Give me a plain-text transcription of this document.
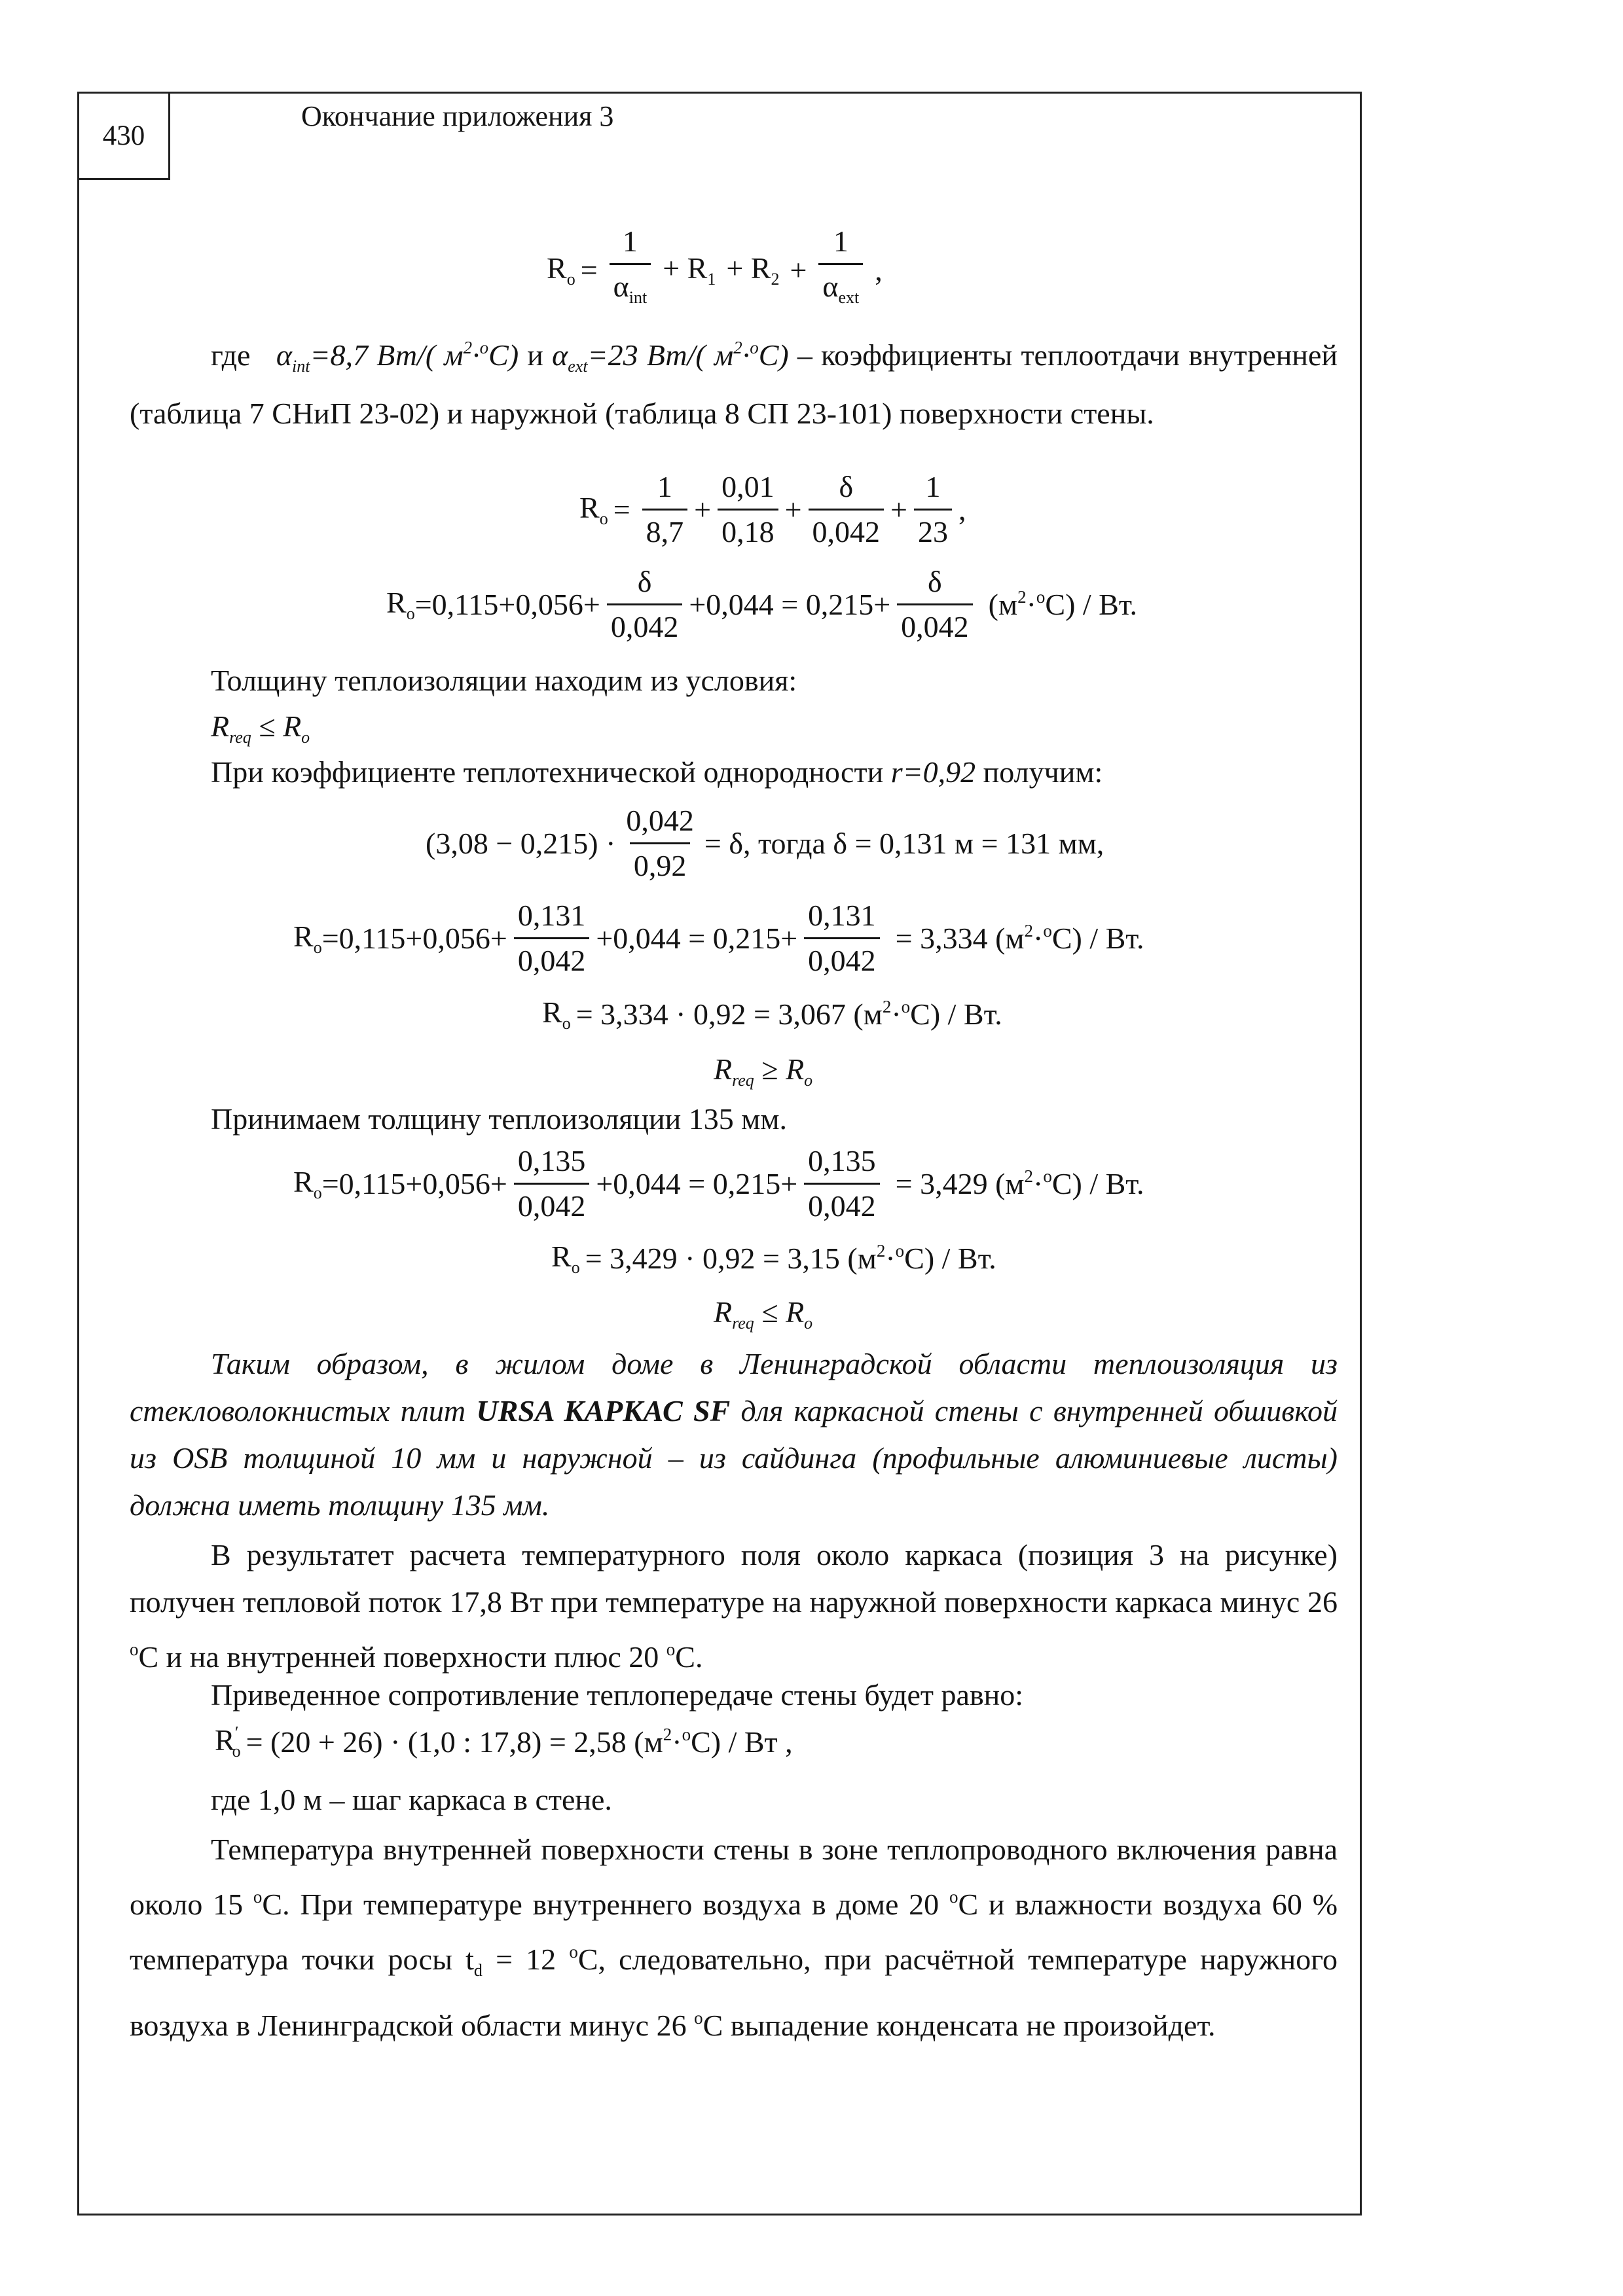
430
Окончание приложения 3
$R_о = \frac{1}{\alpha_{int}} + R_1 + R_2 + \frac{1}{\alpha_{ext}}$ ,
где $\alpha_{int}=8,7$ Вт/( $м^2\cdot^оС$) и $\alpha_{ext}=23$ Вт/( $м^2\cdot^оС$) – коэффициенты теплоотдачи внутренней (таблица 7 СНиП 23-02) и наружной (таблица 8 СП 23-101) поверхности стены.
$R_о = \frac{1}{8,7} + \frac{0,01}{0,18} + \frac{\delta}{0,042} + \frac{1}{23}$ ,
$R_о =0,115+0,056+ \frac{\delta}{0,042} +0,044 = 0,215+ \frac{\delta}{0,042} (м^2\cdot^оС)$ / Вт.
Толщину теплоизоляции находим из условия:
$R_{req} \le R_o$
При коэффициенте теплотехнической однородности r=0,92 получим:
$(3,08 - 0,215) \cdot \frac{0,042}{0,92} = \delta$, тогда δ = 0,131 м = 131 мм,
$R_о =0,115+0,056+ \frac{0,131}{0,042} +0,044 = 0,215+ \frac{0,131}{0,042} = 3,334$ $(м^2\cdot^оС)$ / Вт.
$R_о = 3,334 \cdot 0,92 = 3,067$ $(м^2\cdot^оС)$ / Вт.
$R_{req} \ge R_o$
Принимаем толщину теплоизоляции 135 мм.
$R_о =0,115+0,056+ \frac{0,135}{0,042} +0,044 = 0,215+ \frac{0,135}{0,042} = 3,429$ $(м^2\cdot^оС)$ / Вт.
$R_о = 3,429 \cdot 0,92 = 3,15$ $(м^2\cdot^оС)$ / Вт.
$R_{req} \le R_o$
Таким образом, в жилом доме в Ленинградской области теплоизоляция из стекловолокнистых плит URSA КАРКАС SF для каркасной стены с внутренней обшивкой из OSB толщиной 10 мм и наружной – из сайдинга (профильные алюминиевые листы) должна иметь толщину 135 мм.
В результатет расчета температурного поля около каркаса (позиция 3 на рисунке) получен тепловой поток 17,8 Вт при температуре на наружной поверхности каркаса минус 26 $^о$С и на внутренней поверхности плюс 20 $^о$С.
Приведенное сопротивление теплопередаче стены будет равно:
$R'_о = (20 + 26) \cdot (1,0$ : 17,8) = 2,58 $(м^2\cdot^оС)$ / Вт ,
где 1,0 м – шаг каркаса в стене.
Температура внутренней поверхности стены в зоне теплопроводного включения равна около 15 $^о$С. При температуре внутреннего воздуха в доме 20 $^о$С и влажности воздуха 60 % температура точки росы $t_d = 12$ $^о$С, следовательно, при расчётной температуре наружного воздуха в Ленинградской области минус 26 $^о$С выпадение конденсата не произойдет.
